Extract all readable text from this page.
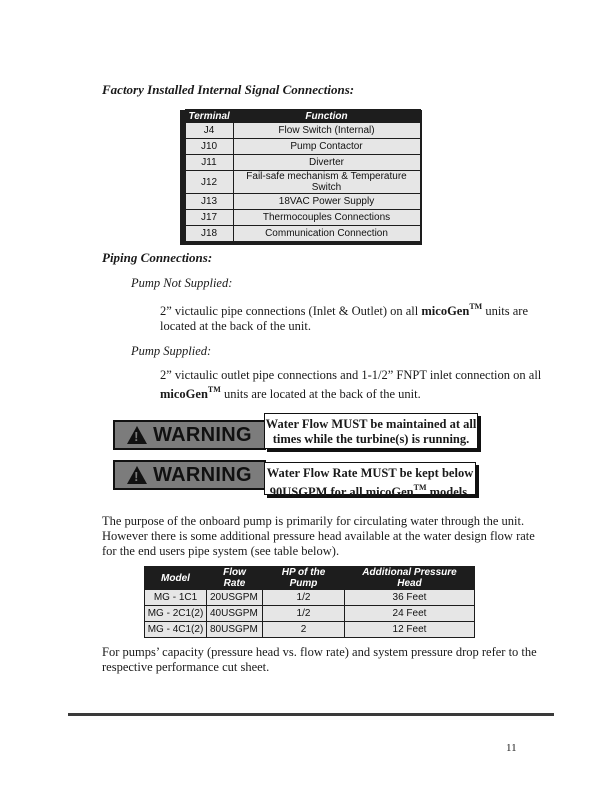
Factory Installed Internal Signal Connections:
	Terminal	Function	
	J4	Flow Switch (Internal)	
	J10	Pump Contactor	
	J11	Diverter	
	J12	Fail-safe mechanism & Temperature Switch	
	J13	18VAC Power Supply	
	J17	Thermocouples Connections	
	J18	Communication Connection	

Piping Connections:
Pump Not Supplied:
2” victaulic pipe connections (Inlet & Outlet) on all micoGen™ units are
located at the back of the unit.
Pump Supplied:
2” victaulic outlet pipe connections and 1-1/2” FNPT inlet connection on all
micoGen™ units are located at the back of the unit.
! WARNING Water Flow MUST be maintained at all
times while the turbine(s) is running.
! WARNING Water Flow Rate MUST be kept below
90USGPM for all micoGen™ models.
The purpose of the onboard pump is primarily for circulating water through the unit.
However there is some additional pressure head available at the water design flow rate
for the end users pipe system (see table below).
Model	Flow Rate	HP of the Pump	Additional Pressure Head
MG - 1C1	20USGPM	1/2	36 Feet
MG - 2C1(2)	40USGPM	1/2	24 Feet
MG - 4C1(2)	80USGPM	2	12 Feet
For pumps’ capacity (pressure head vs. flow rate) and system pressure drop refer to the
respective performance cut sheet.
11
